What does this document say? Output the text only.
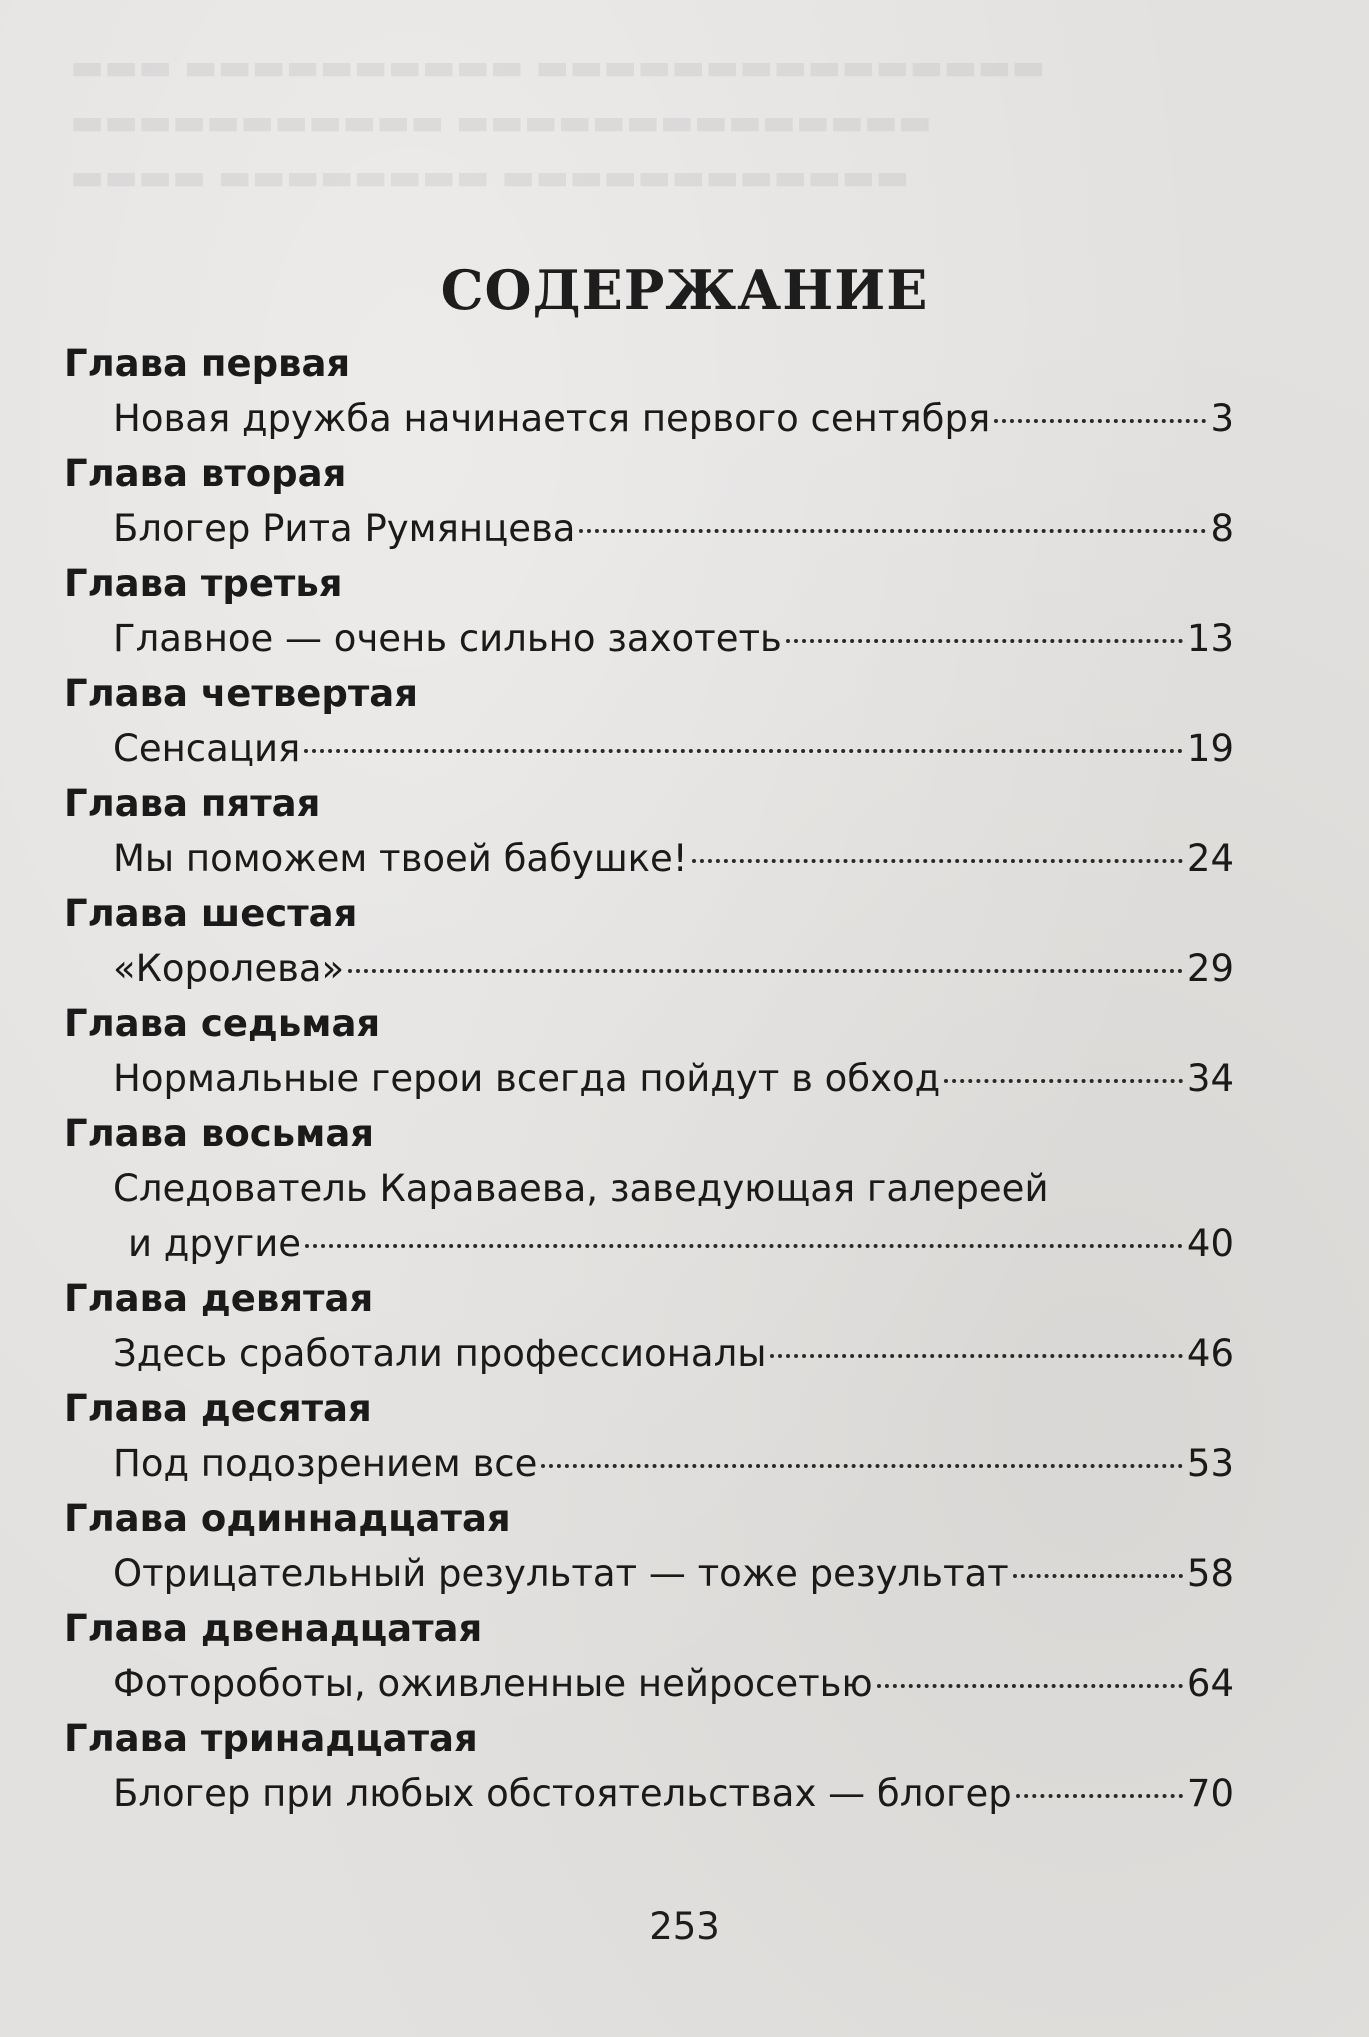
▬▬▬ ▬▬▬▬▬▬▬▬▬▬ ▬▬▬▬▬▬▬▬▬▬▬▬▬▬▬
▬▬▬▬▬▬▬▬▬▬▬ ▬▬▬▬▬▬▬▬▬▬▬▬▬▬
▬▬▬▬ ▬▬▬▬▬▬▬▬ ▬▬▬▬▬▬▬▬▬▬▬▬
СОДЕРЖАНИЕ
Глава первая
Новая дружба начинается первого сентября	3
Глава вторая
Блогер Рита Румянцева	8
Глава третья
Главное — очень сильно захотеть	13
Глава четвертая
Сенсация	19
Глава пятая
Мы поможем твоей бабушке!	24
Глава шестая
«Королева»	29
Глава седьмая
Нормальные герои всегда пойдут в обход	34
Глава восьмая
Следователь Караваева, заведующая галереей
и другие	40
Глава девятая
Здесь сработали профессионалы	46
Глава десятая
Под подозрением все	53
Глава одиннадцатая
Отрицательный результат — тоже результат	58
Глава двенадцатая
Фотороботы, оживленные нейросетью	64
Глава тринадцатая
Блогер при любых обстоятельствах — блогер	70
253
